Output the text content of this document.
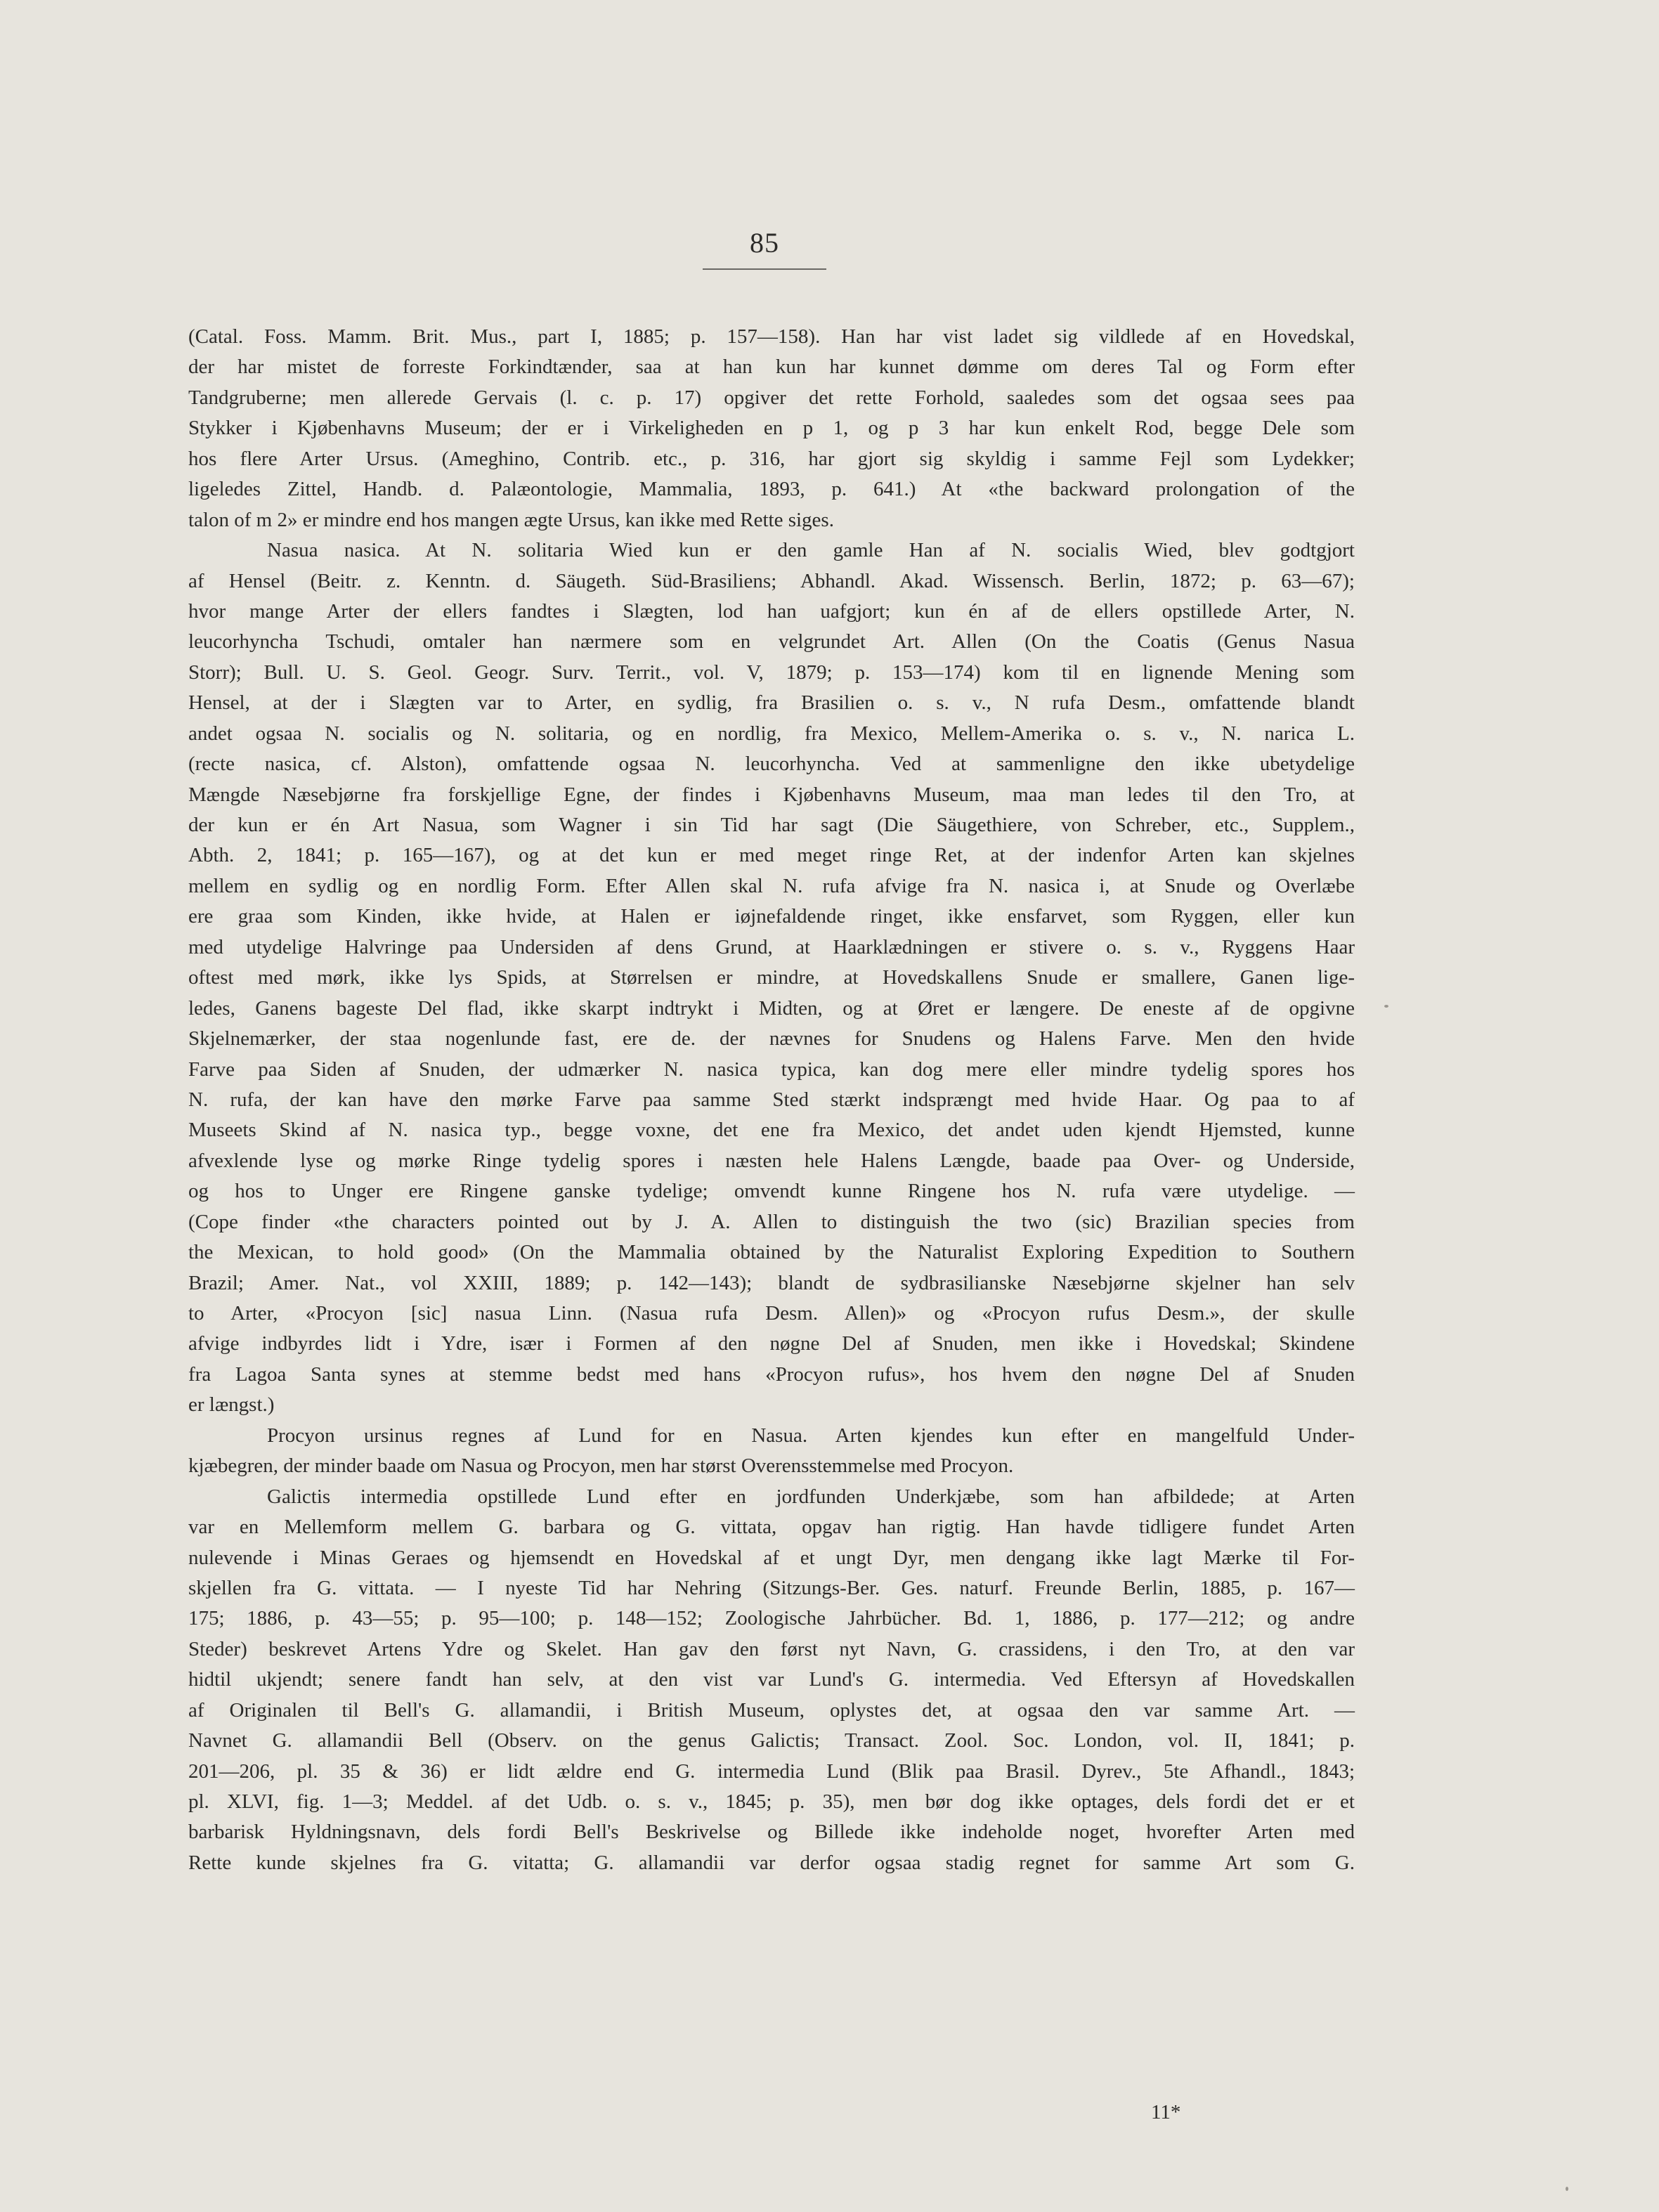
85
(Catal. Foss. Mamm. Brit. Mus., part I, 1885; p. 157—158). Han har vist ladet sig vildlede af en Hovedskal,
der har mistet de forreste Forkindtænder, saa at han kun har kunnet dømme om deres Tal og Form efter
Tandgruberne; men allerede Gervais (l. c. p. 17) opgiver det rette Forhold, saaledes som det ogsaa sees paa
Stykker i Kjøbenhavns Museum; der er i Virkeligheden en p 1, og p 3 har kun enkelt Rod, begge Dele som
hos flere Arter Ursus. (Ameghino, Contrib. etc., p. 316, har gjort sig skyldig i samme Fejl som Lydekker;
ligeledes Zittel, Handb. d. Palæontologie, Mammalia, 1893, p. 641.) At «the backward prolongation of the
talon of m 2» er mindre end hos mangen ægte Ursus, kan ikke med Rette siges.
Nasua nasica. At N. solitaria Wied kun er den gamle Han af N. socialis Wied, blev godtgjort
af Hensel (Beitr. z. Kenntn. d. Säugeth. Süd-Brasiliens; Abhandl. Akad. Wissensch. Berlin, 1872; p. 63—67);
hvor mange Arter der ellers fandtes i Slægten, lod han uafgjort; kun én af de ellers opstillede Arter, N.
leucorhyncha Tschudi, omtaler han nærmere som en velgrundet Art. Allen (On the Coatis (Genus Nasua
Storr); Bull. U. S. Geol. Geogr. Surv. Territ., vol. V, 1879; p. 153—174) kom til en lignende Mening som
Hensel, at der i Slægten var to Arter, en sydlig, fra Brasilien o. s. v., N rufa Desm., omfattende blandt
andet ogsaa N. socialis og N. solitaria, og en nordlig, fra Mexico, Mellem-Amerika o. s. v., N. narica L.
(recte nasica, cf. Alston), omfattende ogsaa N. leucorhyncha. Ved at sammenligne den ikke ubetydelige
Mængde Næsebjørne fra forskjellige Egne, der findes i Kjøbenhavns Museum, maa man ledes til den Tro, at
der kun er én Art Nasua, som Wagner i sin Tid har sagt (Die Säugethiere, von Schreber, etc., Supplem.,
Abth. 2, 1841; p. 165—167), og at det kun er med meget ringe Ret, at der indenfor Arten kan skjelnes
mellem en sydlig og en nordlig Form. Efter Allen skal N. rufa afvige fra N. nasica i, at Snude og Overlæbe
ere graa som Kinden, ikke hvide, at Halen er iøjnefaldende ringet, ikke ensfarvet, som Ryggen, eller kun
med utydelige Halvringe paa Undersiden af dens Grund, at Haarklædningen er stivere o. s. v., Ryggens Haar
oftest med mørk, ikke lys Spids, at Størrelsen er mindre, at Hovedskallens Snude er smallere, Ganen lige-
ledes, Ganens bageste Del flad, ikke skarpt indtrykt i Midten, og at Øret er længere. De eneste af de opgivne
Skjelnemærker, der staa nogenlunde fast, ere de. der nævnes for Snudens og Halens Farve. Men den hvide
Farve paa Siden af Snuden, der udmærker N. nasica typica, kan dog mere eller mindre tydelig spores hos
N. rufa, der kan have den mørke Farve paa samme Sted stærkt indsprængt med hvide Haar. Og paa to af
Museets Skind af N. nasica typ., begge voxne, det ene fra Mexico, det andet uden kjendt Hjemsted, kunne
afvexlende lyse og mørke Ringe tydelig spores i næsten hele Halens Længde, baade paa Over- og Underside,
og hos to Unger ere Ringene ganske tydelige; omvendt kunne Ringene hos N. rufa være utydelige. —
(Cope finder «the characters pointed out by J. A. Allen to distinguish the two (sic) Brazilian species from
the Mexican, to hold good» (On the Mammalia obtained by the Naturalist Exploring Expedition to Southern
Brazil; Amer. Nat., vol XXIII, 1889; p. 142—143); blandt de sydbrasilianske Næsebjørne skjelner han selv
to Arter, «Procyon [sic] nasua Linn. (Nasua rufa Desm. Allen)» og «Procyon rufus Desm.», der skulle
afvige indbyrdes lidt i Ydre, især i Formen af den nøgne Del af Snuden, men ikke i Hovedskal; Skindene
fra Lagoa Santa synes at stemme bedst med hans «Procyon rufus», hos hvem den nøgne Del af Snuden
er længst.)
Procyon ursinus regnes af Lund for en Nasua. Arten kjendes kun efter en mangelfuld Under-
kjæbegren, der minder baade om Nasua og Procyon, men har størst Overensstemmelse med Procyon.
Galictis intermedia opstillede Lund efter en jordfunden Underkjæbe, som han afbildede; at Arten
var en Mellemform mellem G. barbara og G. vittata, opgav han rigtig. Han havde tidligere fundet Arten
nulevende i Minas Geraes og hjemsendt en Hovedskal af et ungt Dyr, men dengang ikke lagt Mærke til For-
skjellen fra G. vittata. — I nyeste Tid har Nehring (Sitzungs-Ber. Ges. naturf. Freunde Berlin, 1885, p. 167—
175; 1886, p. 43—55; p. 95—100; p. 148—152; Zoologische Jahrbücher. Bd. 1, 1886, p. 177—212; og andre
Steder) beskrevet Artens Ydre og Skelet. Han gav den først nyt Navn, G. crassidens, i den Tro, at den var
hidtil ukjendt; senere fandt han selv, at den vist var Lund's G. intermedia. Ved Eftersyn af Hovedskallen
af Originalen til Bell's G. allamandii, i British Museum, oplystes det, at ogsaa den var samme Art. —
Navnet G. allamandii Bell (Observ. on the genus Galictis; Transact. Zool. Soc. London, vol. II, 1841; p.
201—206, pl. 35 & 36) er lidt ældre end G. intermedia Lund (Blik paa Brasil. Dyrev., 5te Afhandl., 1843;
pl. XLVI, fig. 1—3; Meddel. af det Udb. o. s. v., 1845; p. 35), men bør dog ikke optages, dels fordi det er et
barbarisk Hyldningsnavn, dels fordi Bell's Beskrivelse og Billede ikke indeholde noget, hvorefter Arten med
Rette kunde skjelnes fra G. vitatta; G. allamandii var derfor ogsaa stadig regnet for samme Art som G.
11*
